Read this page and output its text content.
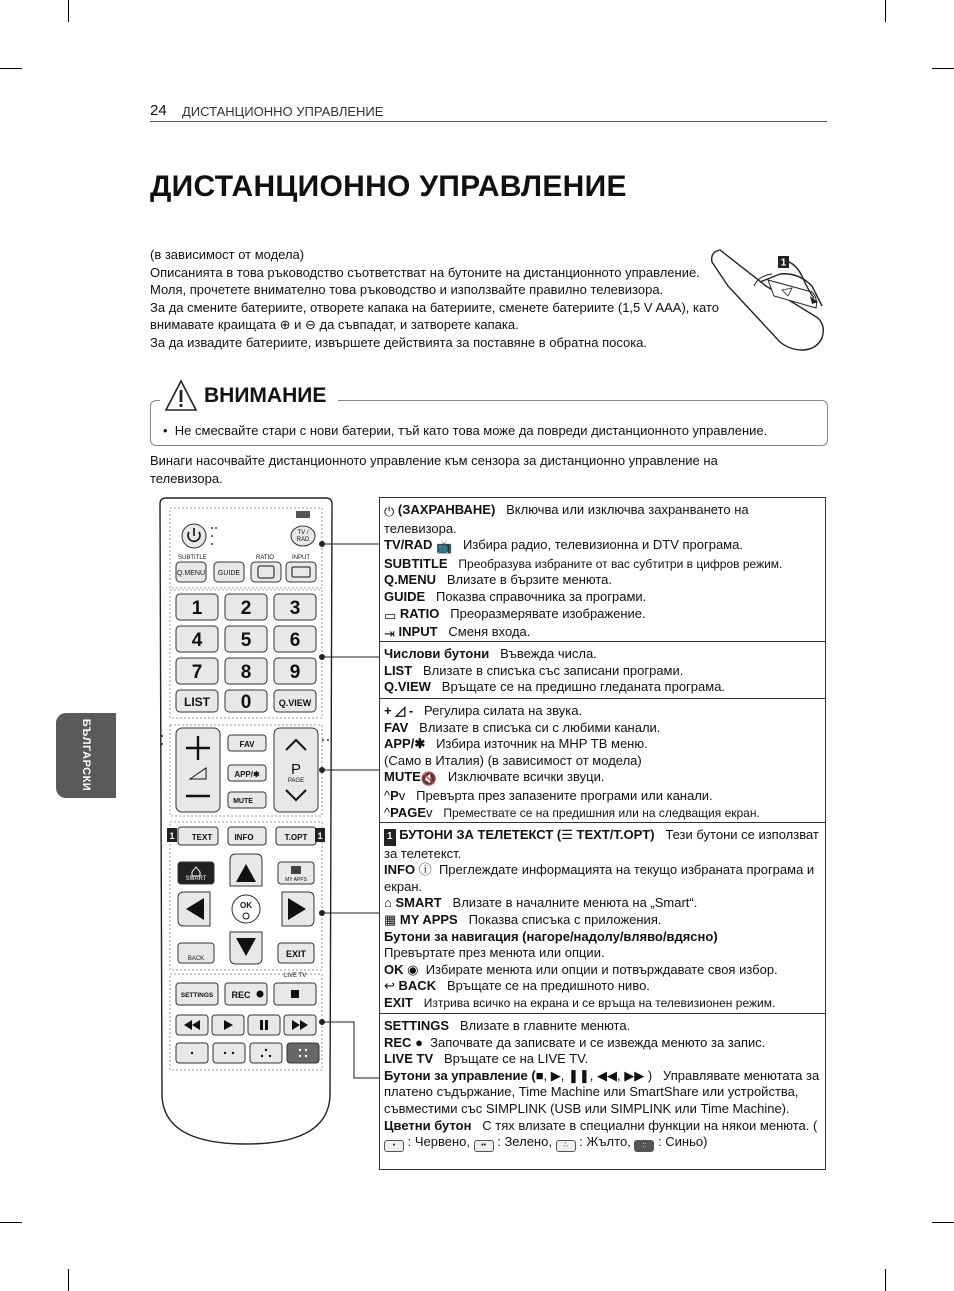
24 ДИСТАНЦИОННО УПРАВЛЕНИЕ
ДИСТАНЦИОННО УПРАВЛЕНИЕ

(в зависимост от модела)

Описанията в това ръководство съответстват на бутоните на дистанционното управление.

Моля, прочетете внимателно това ръководство и използвайте правилно телевизора.

За да смените батериите, отворете капака на батериите, сменете батериите (1,5 V AAA), като внимавате краищата ⊕ и ⊖ да съвпадат, и затворете капака.

За да извадите батериите, извършете действията за поставяне в обратна посока.

1
ВНИМАНИЕ
•  Не смесвайте стари с нови батерии, тъй като това може да повреди дистанционното управление.
Винаги насочвайте дистанционното управление към сензора за дистанционно управление на телевизора.
БЪЛГАРСКИ
TV /
RAD
SUBTITLE	RATIO	INPUT
Q.MENU GUIDE
1 2 3
4 5 6
7 8 9
LIST 0	Q.VIEW
FAV
APP/✱
MUTE
P
PAGE
1 TEXT	INFO	T.OPT 1
SMART	MY APPS
OK
BACK	EXIT
LIVE TV
SETTINGS REC
⏻ (ЗАХРАНВАНЕ) Включва или изключва захранването на телевизора.
TV/RAD 📺 Избира радио, телевизионна и DTV програма.
SUBTITLE Преобразува избраните от вас субтитри в цифров режим.
Q.MENU Влизате в бързите менюта.
GUIDE Показва справочника за програми.
▭ RATIO Преоразмерявате изображение.
⇥ INPUT Сменя входа.
Числови бутони Въвежда числа.
LIST Влизате в списъка със записани програми.
Q.VIEW Връщате се на предишно гледаната програма.
+ ◿ - Регулира силата на звука.
FAV Влизате в списъка си с любими канали.
APP/✱ Избира източник на MHP ТВ меню.
(Само в Италия) (в зависимост от модела)
MUTE🔇 Изключвате всички звуци.
^Pv Превърта през запазените програми или канали.
^PAGEv Премествате се на предишния или на следващия екран.
1 БУТОНИ ЗА ТЕЛЕТЕКСТ (☰ TEXT/T.OPT) Тези бутони се използват за телетекст.
INFO ⓘ Преглеждате информацията на текущо избраната програма и екран.
⌂ SMART Влизате в началните менюта на „Smart“.
▦ MY APPS Показва списъка с приложения.
Бутони за навигация (нагоре/надолу/вляво/вдясно)
Превъртате през менюта или опции.
OK ◉ Избирате менюта или опции и потвърждавате своя избор.
↩ BACK Връщате се на предишното ниво.
EXIT Изтрива всичко на екрана и се връща на телевизионен режим.
SETTINGS Влизате в главните менюта.
REC ● Започвате да записвате и се извежда менюто за запис.
LIVE TV Връщате се на LIVE TV.
Бутони за управление (■, ▶, ❚❚, ◀◀, ▶▶ )   Управлявате менютата за платено съдържание, Time Machine или SmartShare или устройства, съвместими със SIMPLINK (USB или SIMPLINK или Time Machine).
Цветни бутон С тях влизате в специални функции на някои менюта. (• : Червено, •• : Зелено, ∴ : Жълто, :: : Синьо)
